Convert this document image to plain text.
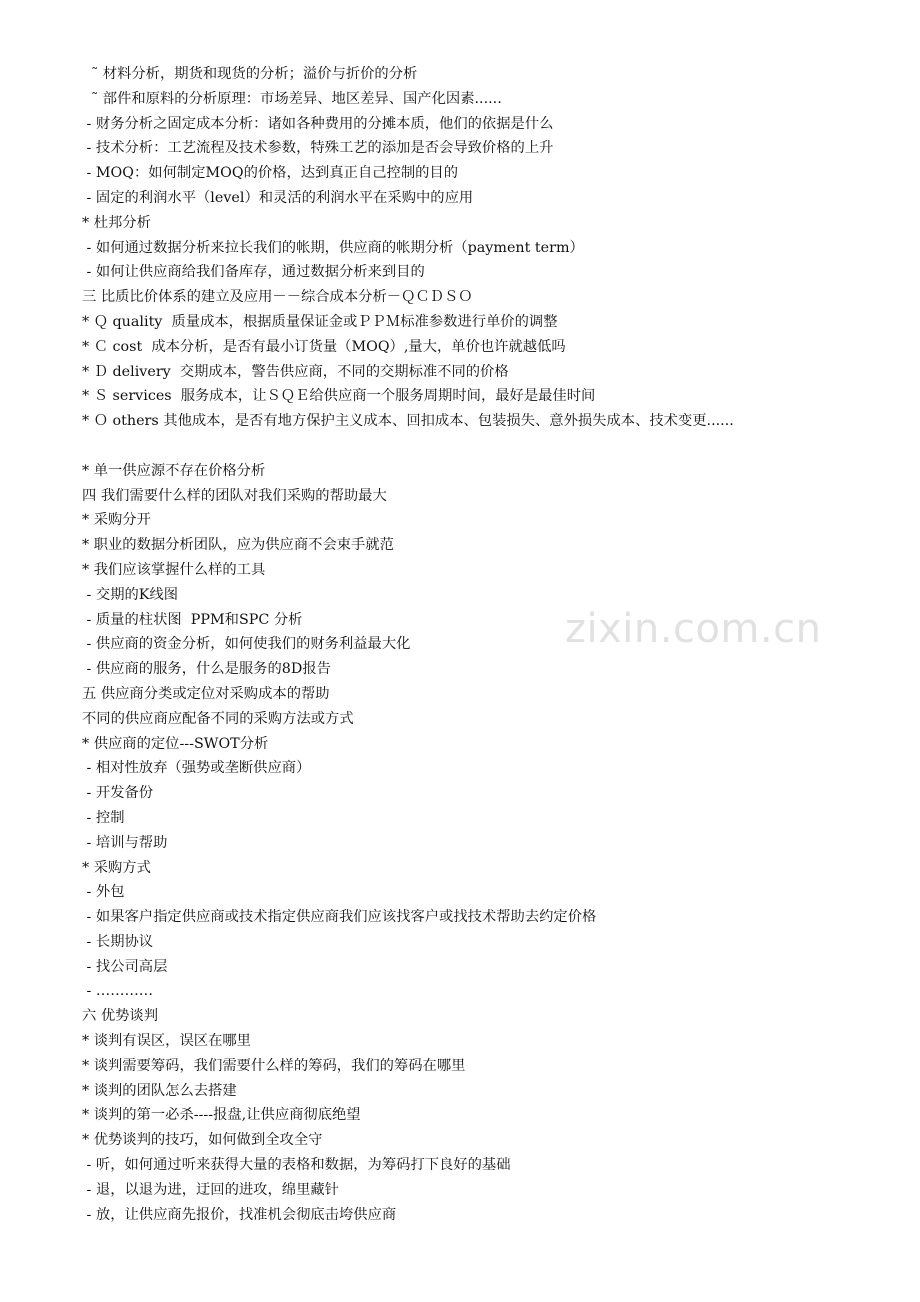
˜ 材料分析，期货和现货的分析；溢价与折价的分析
˜ 部件和原料的分析原理：市场差异、地区差异、国产化因素......
- 财务分析之固定成本分析：诸如各种费用的分摊本质，他们的依据是什么
- 技术分析：工艺流程及技术参数，特殊工艺的添加是否会导致价格的上升
- MOQ：如何制定MOQ的价格，达到真正自己控制的目的
- 固定的利润水平（level）和灵活的利润水平在采购中的应用
* 杜邦分析
- 如何通过数据分析来拉长我们的帐期，供应商的帐期分析（payment term）
- 如何让供应商给我们备库存，通过数据分析来到目的
三 比质比价体系的建立及应用－－综合成本分析－ＱＣＤＳＯ
* Ｑ quality  质量成本，根据质量保证金或ＰＰＭ标准参数进行单价的调整
* Ｃ cost  成本分析，是否有最小订货量（MOQ）,量大，单价也许就越低吗
* Ｄ delivery  交期成本，警告供应商，不同的交期标准不同的价格
* Ｓ services  服务成本，让ＳＱＥ给供应商一个服务周期时间，最好是最佳时间
* Ｏ others 其他成本，是否有地方保护主义成本、回扣成本、包装损失、意外损失成本、技术变更......
* 单一供应源不存在价格分析
四 我们需要什么样的团队对我们采购的帮助最大
* 采购分开
* 职业的数据分析团队，应为供应商不会束手就范
* 我们应该掌握什么样的工具
- 交期的K线图
- 质量的柱状图  PPM和SPC 分析
- 供应商的资金分析，如何使我们的财务利益最大化
- 供应商的服务，什么是服务的8D报告
五 供应商分类或定位对采购成本的帮助
不同的供应商应配备不同的采购方法或方式
* 供应商的定位---SWOT分析
- 相对性放弃（强势或垄断供应商）
- 开发备份
- 控制
- 培训与帮助
* 采购方式
- 外包
- 如果客户指定供应商或技术指定供应商我们应该找客户或找技术帮助去约定价格
- 长期协议
- 找公司高层
- …………
六 优势谈判
* 谈判有误区，误区在哪里
* 谈判需要筹码，我们需要什么样的筹码，我们的筹码在哪里
* 谈判的团队怎么去搭建
* 谈判的第一必杀----报盘,让供应商彻底绝望
* 优势谈判的技巧，如何做到全攻全守
- 听，如何通过听来获得大量的表格和数据，为筹码打下良好的基础
- 退，以退为进，迂回的进攻，绵里藏针
- 放，让供应商先报价，找准机会彻底击垮供应商
zixin.com.cn
